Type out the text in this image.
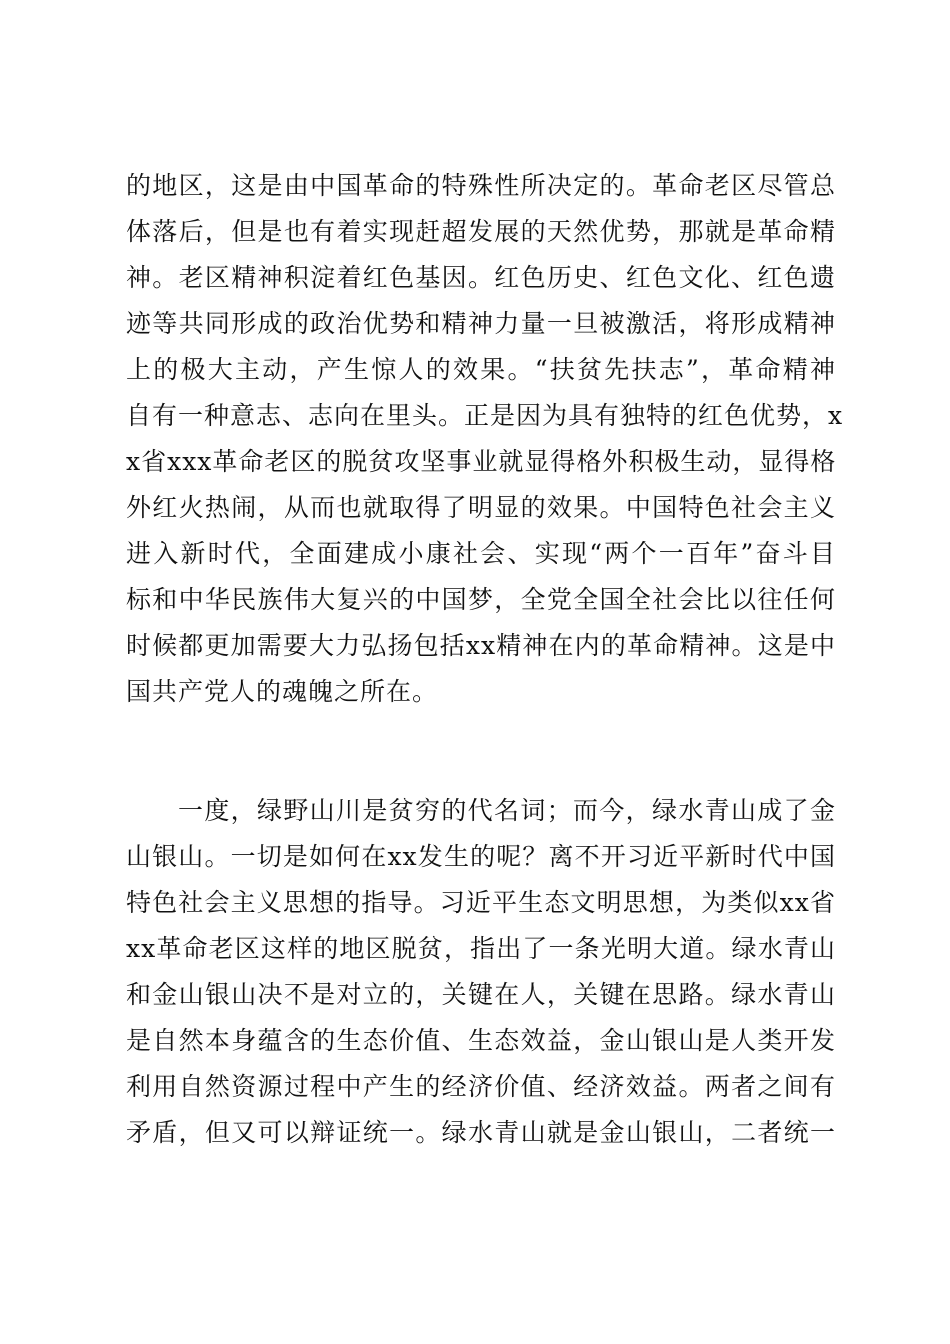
的地区，这是由中国革命的特殊性所决定的。革命老区尽管总
体落后，但是也有着实现赶超发展的天然优势，那就是革命精
神。老区精神积淀着红色基因。红色历史、红色文化、红色遗
迹等共同形成的政治优势和精神力量一旦被激活，将形成精神
上的极大主动，产生惊人的效果。“扶贫先扶志”，革命精神
自有一种意志、志向在里头。正是因为具有独特的红色优势，x
x省xxx革命老区的脱贫攻坚事业就显得格外积极生动，显得格
外红火热闹，从而也就取得了明显的效果。中国特色社会主义
进入新时代，全面建成小康社会、实现“两个一百年”奋斗目
标和中华民族伟大复兴的中国梦，全党全国全社会比以往任何
时候都更加需要大力弘扬包括xx精神在内的革命精神。这是中
国共产党人的魂魄之所在。
一度，绿野山川是贫穷的代名词；而今，绿水青山成了金
山银山。一切是如何在xx发生的呢？离不开习近平新时代中国
特色社会主义思想的指导。习近平生态文明思想，为类似xx省
xx革命老区这样的地区脱贫，指出了一条光明大道。绿水青山
和金山银山决不是对立的，关键在人，关键在思路。绿水青山
是自然本身蕴含的生态价值、生态效益，金山银山是人类开发
利用自然资源过程中产生的经济价值、经济效益。两者之间有
矛盾，但又可以辩证统一。绿水青山就是金山银山，二者统一
